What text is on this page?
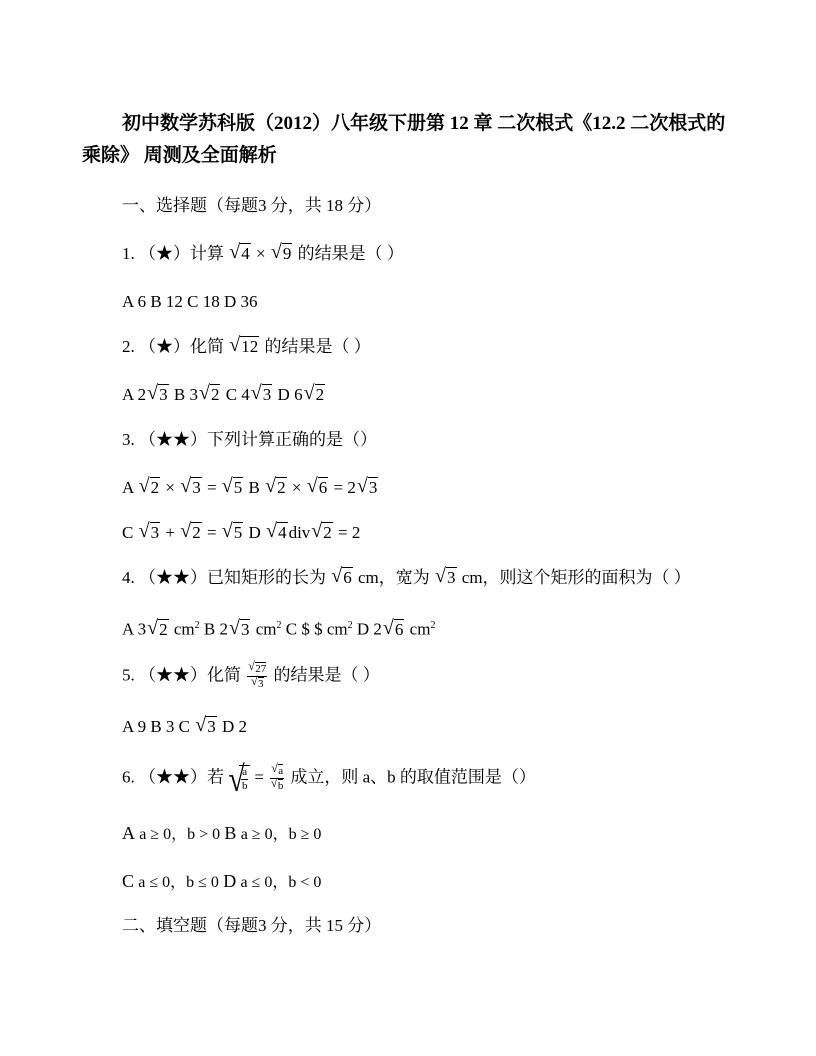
初中数学苏科版（2012）八年级下册第 12 章 二次根式《12.2 二次根式的
乘除》 周测及全面解析
一、选择题（每题3 分，共 18 分）
1. （★）计算 √ 4 × √ 9 的结果是（ ）
A 6 B 12 C 18 D 36
2. （★）化简 √ 12 的结果是（ ）
A 2 √ 3 B 3 √ 2 C 4 √ 3 D 6 √ 2
3. （★★）下列计算正确的是（）
A √ 2 × √ 3 = √ 5 B √ 2 × √ 6 = 2 √ 3
C √ 3 + √ 2 = √ 5 D √ 4 div √ 2 = 2
4. （★★）已知矩形的长为 √ 6 cm，宽为 √ 3 cm，则这个矩形的面积为（ ）
A 3 √ 2 $cm^2$ B 2 √ 3 $cm^2$ C $ $ $cm^2$ D 2 √ 6 $cm^2$
5. （★★）化简 √ 27
√ 3 的结果是（ ）
A 9 B 3 C √ 3 D 2
6. （★★）若 √ $\frac{a}{b}$ = √ a
√ b 成立，则 a、b 的取值范围是（）
A a ≥ 0，b > 0 B a ≥ 0，b ≥ 0
C a ≤ 0，b ≤ 0 D a ≤ 0，b < 0
二、填空题（每题3 分，共 15 分）
